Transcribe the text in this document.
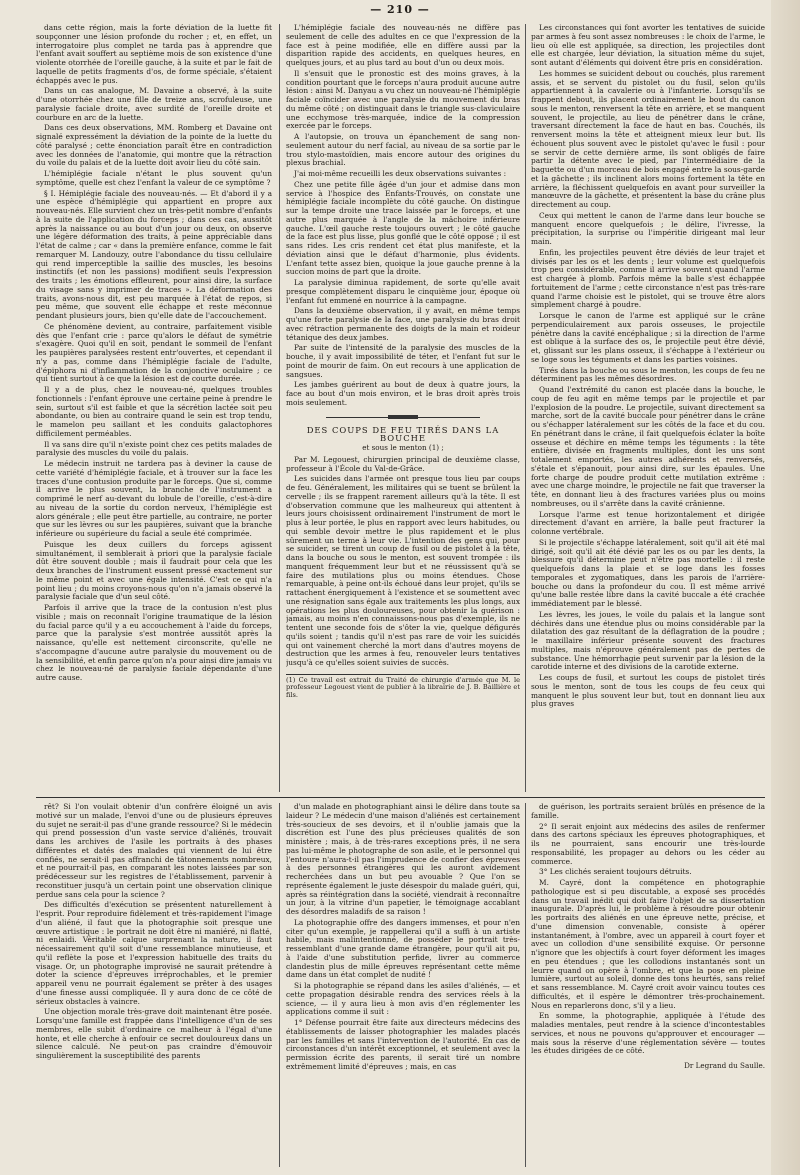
— 210 —

dans cette région, mais la forte déviation de la luette fit soupçonner une lésion profonde du rocher ; et, en effet, un interrogatoire plus complet ne tarda pas à apprendre que l'enfant avait souffert au septième mois de son existence d'une violente otorrhée de l'oreille gauche, à la suite et par le fait de laquelle de petits fragments d'os, de forme spéciale, s'étaient échappés avec le pus.

Dans un cas analogue, M. Davaine a observé, à la suite d'une otorrhée chez une fille de treize ans, scrofuleuse, une paralysie faciale droite, avec surdité de l'oreille droite et courbure en arc de la luette.

Dans ces deux observations, MM. Romberg et Davaine ont signalé expressément la déviation de la pointe de la luette du côté paralysé ; cette énonciation paraît être en contradiction avec les données de l'anatomie, qui montre que la rétraction du voile du palais et de la luette doit avoir lieu du côté sain.

L'hémiplégie faciale n'étant le plus souvent qu'un symptôme, quelle est chez l'enfant la valeur de ce symptôme ?

§ I. Hémiplégie faciale des nouveau-nés. — Et d'abord il y a une espèce d'hémiplégie qui appartient en propre aux nouveau-nés. Elle survient chez un très-petit nombre d'enfants à la suite de l'application du forceps ; dans ces cas, aussitôt après la naissance ou au bout d'un jour ou deux, on observe une légère déformation des traits, à peine appréciable dans l'état de calme ; car « dans la première enfance, comme le fait remarquer M. Landouzy, outre l'abondance du tissu cellulaire qui rend imperceptible la saillie des muscles, les besoins instinctifs (et non les passions) modifient seuls l'expression des traits ; les émotions effleurent, pour ainsi dire, la surface du visage sans y imprimer de traces ». La déformation des traits, avons-nous dit, est peu marquée à l'état de repos, si peu même, que souvent elle échappe et reste méconnue pendant plusieurs jours, bien qu'elle date de l'accouchement.

Ce phénomène devient, au contraire, parfaitement visible dès que l'enfant crie : parce qu'alors le défaut de symétrie s'exagère. Quoi qu'il en soit, pendant le sommeil de l'enfant les paupières paralysées restent entr'ouvertes, et cependant il n'y a pas, comme dans l'hémiplégie faciale de l'adulte, d'épiphora ni d'inflammation de la conjonctive oculaire ; ce qui tient surtout à ce que la lésion est de courte durée.

Il y a de plus, chez le nouveau-né, quelques troubles fonctionnels : l'enfant éprouve une certaine peine à prendre le sein, surtout s'il est faible et que la sécrétion lactée soit peu abondante, ou bien au contraire quand le sein est trop tendu, le mamelon peu saillant et les conduits galactophores difficilement perméables.

Il va sans dire qu'il n'existe point chez ces petits malades de paralysie des muscles du voile du palais.

Le médecin instruit ne tardera pas à deviner la cause de cette variété d'hémiplégie faciale, et à trouver sur la face les traces d'une contusion produite par le forceps. Que si, comme il arrive le plus souvent, la branche de l'instrument a comprimé le nerf au-devant du lobule de l'oreille, c'est-à-dire au niveau de la sortie du cordon nerveux, l'hémiplégie est alors générale ; elle peut être partielle, au contraire, ne porter que sur les lèvres ou sur les paupières, suivant que la branche inférieure ou supérieure du facial a seule été comprimée.

Puisque les deux cuillers du forceps agissent simultanément, il semblerait à priori que la paralysie faciale dût être souvent double ; mais il faudrait pour cela que les deux branches de l'instrument eussent pressé exactement sur le même point et avec une égale intensité. C'est ce qui n'a point lieu ; du moins croyons-nous qu'on n'a jamais observé la paralysie faciale que d'un seul côté.

Parfois il arrive que la trace de la contusion n'est plus visible ; mais on reconnaît l'origine traumatique de la lésion du facial parce qu'il y a eu accouchement à l'aide du forceps, parce que la paralysie s'est montrée aussitôt après la naissance, qu'elle est nettement circonscrite, qu'elle ne s'accompagne d'aucune autre paralysie du mouvement ou de la sensibilité, et enfin parce qu'on n'a pour ainsi dire jamais vu chez le nouveau-né de paralysie faciale dépendante d'une autre cause.

L'hémiplégie faciale des nouveau-nés ne diffère pas seulement de celle des adultes en ce que l'expression de la face est à peine modifiée, elle en diffère aussi par la disparition rapide des accidents, en quelques heures, en quelques jours, et au plus tard au bout d'un ou deux mois.

Il s'ensuit que le pronostic est des moins graves, à la condition pourtant que le forceps n'aura produit aucune autre lésion : ainsi M. Danyau a vu chez un nouveau-né l'hémiplégie faciale coïncider avec une paralysie du mouvement du bras du même côté ; on distinguait dans le triangle sus-claviculaire une ecchymose très-marquée, indice de la compression exercée par le forceps.

A l'autopsie, on trouva un épanchement de sang non-seulement autour du nerf facial, au niveau de sa sortie par le trou stylo-mastoïdien, mais encore autour des origines du plexus brachial.

J'ai moi-même recueilli les deux observations suivantes :

Chez une petite fille âgée d'un jour et admise dans mon service à l'hospice des Enfants-Trouvés, on constate une hémiplégie faciale incomplète du côté gauche. On distingue sur la tempe droite une trace laissée par le forceps, et une autre plus marquée à l'angle de la mâchoire inférieure gauche. L'œil gauche reste toujours ouvert ; le côté gauche de la face est plus lisse, plus gonflé que le côté opposé ; il est sans rides. Les cris rendent cet état plus manifeste, et la déviation ainsi que le défaut d'harmonie, plus évidents. L'enfant tette assez bien, quoique la joue gauche prenne à la succion moins de part que la droite.

La paralysie diminua rapidement, de sorte qu'elle avait presque complètement disparu le cinquième jour, époque où l'enfant fut emmené en nourrice à la campagne.

Dans la deuxième observation, il y avait, en même temps qu'une forte paralysie de la face, une paralysie du bras droit avec rétraction permanente des doigts de la main et roideur tétanique des deux jambes.

Par suite de l'intensité de la paralysie des muscles de la bouche, il y avait impossibilité de téter, et l'enfant fut sur le point de mourir de faim. On eut recours à une application de sangsues.

Les jambes guérirent au bout de deux à quatre jours, la face au bout d'un mois environ, et le bras droit après trois mois seulement.

DES COUPS DE FEU TIRÉS DANS LA BOUCHE
et sous le menton (1) ;

Par M. Legouest, chirurgien principal de deuxième classe, professeur à l'École du Val-de-Grâce.

Les suicides dans l'armée ont presque tous lieu par coups de feu. Généralement, les militaires qui se tuent se brûlent la cervelle ; ils se frappent rarement ailleurs qu'à la tête. Il est d'observation commune que les malheureux qui attentent à leurs jours choisissent ordinairement l'instrument de mort le plus à leur portée, le plus en rapport avec leurs habitudes, ou qui semble devoir mettre le plus rapidement et le plus sûrement un terme à leur vie. L'intention des gens qui, pour se suicider, se tirent un coup de fusil ou de pistolet à la tête, dans la bouche ou sous le menton, est souvent trompée : ils manquent fréquemment leur but et ne réussissent qu'à se faire des mutilations plus ou moins étendues. Chose remarquable, à peine ont-ils échoué dans leur projet, qu'ils se rattachent énergiquement à l'existence et se soumettent avec une résignation sans égale aux traitements les plus longs, aux opérations les plus douloureuses, pour obtenir la guérison : jamais, au moins n'en connaissons-nous pas d'exemple, ils ne tentent une seconde fois de s'ôter la vie, quelque défigurés qu'ils soient ; tandis qu'il n'est pas rare de voir les suicidés qui ont vainement cherché la mort dans d'autres moyens de destruction que les armes à feu, renouveler leurs tentatives jusqu'à ce qu'elles soient suivies de succès.

(1) Ce travail est extrait du Traité de chirurgie d'armée que M. le professeur Legouest vient de publier à la librairie de J. B. Baillière et fils.

Les circonstances qui font avorter les tentatives de suicide par armes à feu sont assez nombreuses : le choix de l'arme, le lieu où elle est appliquée, sa direction, les projectiles dont elle est chargée, leur déviation, la situation même du sujet, sont autant d'éléments qui doivent être pris en considération.

Les hommes se suicident debout ou couchés, plus rarement assis, et se servent du pistolet ou du fusil, selon qu'ils appartiennent à la cavalerie ou à l'infanterie. Lorsqu'ils se frappent debout, ils placent ordinairement le bout du canon sous le menton, renversent la tête en arrière, et se manquent souvent, le projectile, au lieu de pénétrer dans le crâne, traversant directement la face de haut en bas. Couchés, ils renversent moins la tête et atteignent mieux leur but. Ils échouent plus souvent avec le pistolet qu'avec le fusil : pour se servir de cette dernière arme, ils sont obligés de faire partir la détente avec le pied, par l'intermédiaire de la baguette ou d'un morceau de bois engagé entre la sous-garde et la gâchette ; ils inclinent alors moins fortement la tête en arrière, la fléchissent quelquefois en avant pour surveiller la manœuvre de la gâchette, et présentent la base du crâne plus directement au coup.

Ceux qui mettent le canon de l'arme dans leur bouche se manquent encore quelquefois ; le délire, l'ivresse, la précipitation, la surprise ou l'impéritie dirigeant mal leur main.

Enfin, les projectiles peuvent être déviés de leur trajet et divisés par les os et les dents ; leur volume est quelquefois trop peu considérable, comme il arrive souvent quand l'arme est chargée à plomb. Parfois même la balle s'est échappée fortuitement de l'arme ; cette circonstance n'est pas très-rare quand l'arme choisie est le pistolet, qui se trouve être alors simplement chargé à poudre.

Lorsque le canon de l'arme est appliqué sur le crâne perpendiculairement aux parois osseuses, le projectile pénètre dans la cavité encéphalique ; si la direction de l'arme est oblique à la surface des os, le projectile peut être dévié, et, glissant sur les plans osseux, il s'échappe à l'extérieur ou se loge sous les téguments et dans les parties voisines.

Tirés dans la bouche ou sous le menton, les coups de feu ne déterminent pas les mêmes désordres.

Quand l'extrémité du canon est placée dans la bouche, le coup de feu agit en même temps par le projectile et par l'explosion de la poudre. Le projectile, suivant directement sa marche, sort de la cavité buccale pour pénétrer dans le crâne ou s'échapper latéralement sur les côtés de la face et du cou. En pénétrant dans le crâne, il fait quelquefois éclater la boîte osseuse et déchire en même temps les téguments : la tête entière, divisée en fragments multiples, dont les uns sont totalement emportés, les autres adhérents et renversés, s'étale et s'épanouit, pour ainsi dire, sur les épaules. Une forte charge de poudre produit cette mutilation extrême : avec une charge moindre, le projectile ne fait que traverser la tête, en donnant lieu à des fractures variées plus ou moins nombreuses, ou il s'arrête dans la cavité crânienne.

Lorsque l'arme est tenue horizontalement et dirigée directement d'avant en arrière, la balle peut fracturer la colonne vertébrale.

Si le projectile s'échappe latéralement, soit qu'il ait été mal dirigé, soit qu'il ait été dévié par les os ou par les dents, la blessure qu'il détermine peut n'être pas mortelle : il reste quelquefois dans la plaie et se loge dans les fosses temporales et zygomatiques, dans les parois de l'arrière-bouche ou dans la profondeur du cou. Il est même arrivé qu'une balle restée libre dans la cavité buccale a été crachée immédiatement par le blessé.

Les lèvres, les joues, le voile du palais et la langue sont déchirés dans une étendue plus ou moins considérable par la dilatation des gaz résultant de la déflagration de la poudre ; le maxillaire inférieur présente souvent des fractures multiples, mais n'éprouve généralement pas de pertes de substance. Une hémorrhagie peut survenir par la lésion de la carotide interne et des divisions de la carotide externe.

Les coups de fusil, et surtout les coups de pistolet tirés sous le menton, sont de tous les coups de feu ceux qui manquent le plus souvent leur but, tout en donnant lieu aux plus graves

rêt? Si l'on voulait obtenir d'un confrère éloigné un avis motivé sur un malade, l'envoi d'une ou de plusieurs épreuves du sujet ne serait-il pas d'une grande ressource? Si le médecin qui prend possession d'un vaste service d'aliénés, trouvait dans les archives de l'asile les portraits à des phases différentes et datés des malades qui viennent de lui être confiés, ne serait-il pas affranchi de tâtonnements nombreux, et ne pourrait-il pas, en comparant les notes laissées par son prédécesseur sur les registres de l'établissement, parvenir à reconstituer jusqu'à un certain point une observation clinique perdue sans cela pour la science ?

Des difficultés d'exécution se présentent naturellement à l'esprit. Pour reproduire fidèlement et très-rapidement l'image d'un aliéné, il faut que la photographie soit presque une œuvre artistique : le portrait ne doit être ni maniéré, ni flatté, ni enlaidi. Véritable calque surprenant la nature, il faut nécessairement qu'il soit d'une ressemblance minutieuse, et qu'il reflète la pose et l'expression habituelle des traits du visage. Or, un photographe improvisé ne saurait prétendre à doter la science d'épreuves irréprochables, et le premier appareil venu ne pourrait également se prêter à des usages d'une finesse aussi compliquée. Il y aura donc de ce côté de sérieux obstacles à vaincre.

Une objection morale très-grave doit maintenant être posée. Lorsqu'une famille est frappée dans l'intelligence d'un de ses membres, elle subit d'ordinaire ce malheur à l'égal d'une honte, et elle cherche à enfouir ce secret douloureux dans un silence calculé. Ne peut-on pas craindre d'émouvoir singulièrement la susceptibilité des parents

d'un malade en photographiant ainsi le délire dans toute sa laideur ? Le médecin d'une maison d'aliénés est certainement très-soucieux de ses devoirs, et il n'oublie jamais que la discrétion est l'une des plus précieuses qualités de son ministère ; mais, à de très-rares exceptions près, il ne sera pas lui-même le photographe de son asile, et le personnel qui l'entoure n'aura-t-il pas l'imprudence de confier des épreuves à des personnes étrangères qui les auront avidement recherchées dans un but peu avouable ? Que l'on se représente également le juste désespoir du malade guéri, qui, après sa réintégration dans la société, viendrait à reconnaître un jour, à la vitrine d'un papetier, le témoignage accablant des désordres maladifs de sa raison !

La photographie offre des dangers immenses, et pour n'en citer qu'un exemple, je rappellerai qu'il a suffi à un artiste habile, mais malintentionné, de posséder le portrait très-ressemblant d'une grande dame étrangère, pour qu'il ait pu, à l'aide d'une substitution perfide, livrer au commerce clandestin plus de mille épreuves représentant cette même dame dans un état complet de nudité !

Si la photographie se répand dans les asiles d'aliénés, — et cette propagation désirable rendra des services réels à la science, — il y aura lieu à mon avis d'en réglementer les applications comme il suit :

1° Défense pourrait être faite aux directeurs médecins des établissements de laisser photographier les malades placés par les familles et sans l'intervention de l'autorité. En cas de circonstances d'un intérêt exceptionnel, et seulement avec la permission écrite des parents, il serait tiré un nombre extrêmement limité d'épreuves ; mais, en cas

de guérison, les portraits seraient brûlés en présence de la famille.

2° Il serait enjoint aux médecins des asiles de renfermer dans des cartons spéciaux les épreuves photographiques, et ils ne pourraient, sans encourir une très-lourde responsabilité, les propager au dehors ou les céder au commerce.

3° Les clichés seraient toujours détruits.

M. Cayré, dont la compétence en photographie pathologique est si peu discutable, a exposé ses procédés dans un travail inédit qui doit faire l'objet de sa dissertation inaugurale. D'après lui, le problème à résoudre pour obtenir les portraits des aliénés en une épreuve nette, précise, et d'une dimension convenable, consiste à opérer instantanément, à l'ombre, avec un appareil à court foyer et avec un collodion d'une sensibilité exquise. Or personne n'ignore que les objectifs à court foyer déforment les images en peu étendues ; que les collodions instantanés sont un leurre quand on opère à l'ombre, et que la pose en pleine lumière, surtout au soleil, donne des tons heurtés, sans relief et sans ressemblance. M. Cayré croit avoir vaincu toutes ces difficultés, et il espère le démontrer très-prochainement. Nous en reparlerons donc, s'il y a lieu.

En somme, la photographie, appliquée à l'étude des maladies mentales, peut rendre à la science d'incontestables services, et nous ne pouvons qu'approuver et encourager — mais sous la réserve d'une réglementation sévère — toutes les études dirigées de ce côté.

Dr Legrand du Saulle.
